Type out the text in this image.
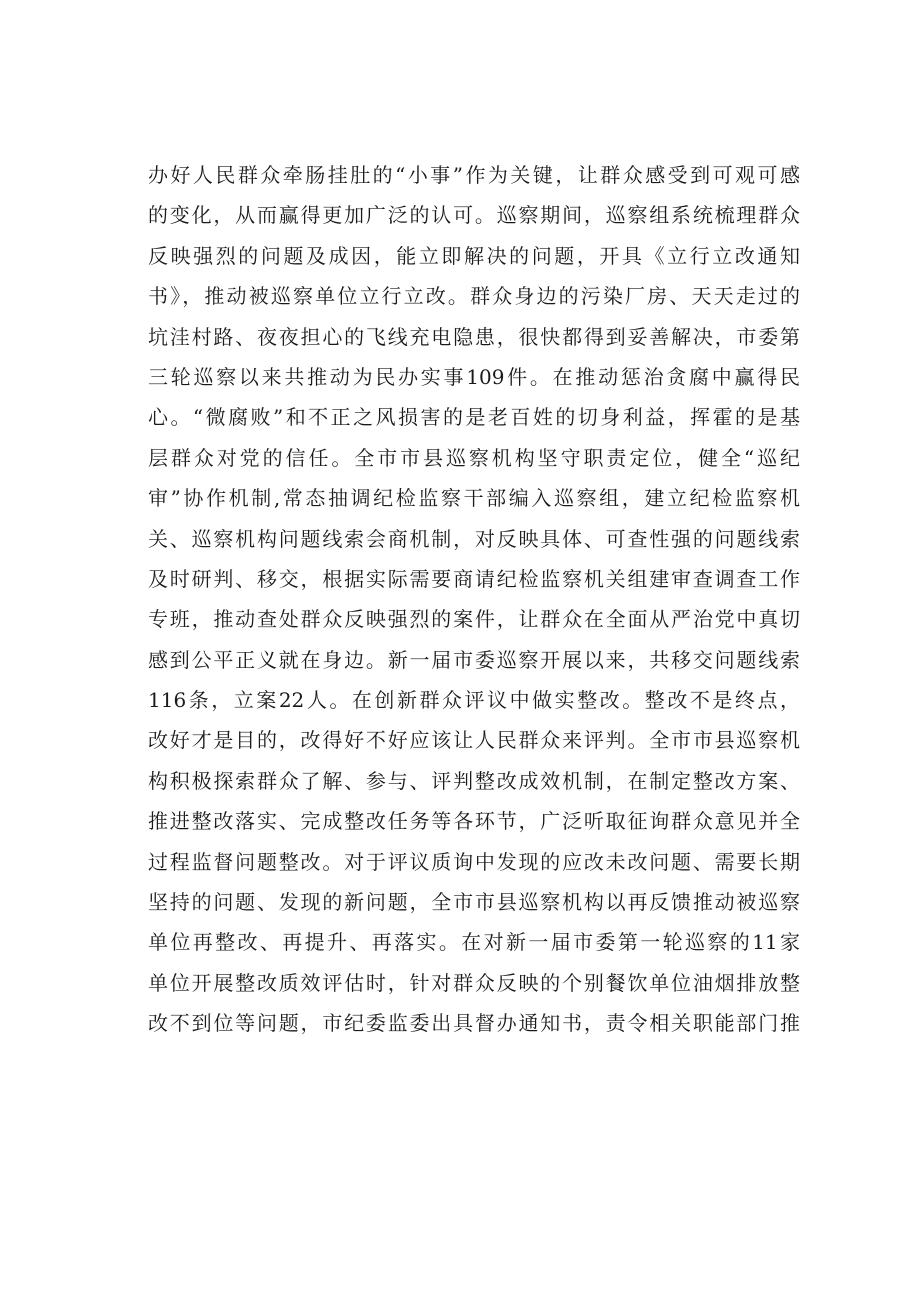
办好人民群众牵肠挂肚的“小事”作为关键，让群众感受到可观可感
的变化，从而赢得更加广泛的认可。巡察期间，巡察组系统梳理群众
反映强烈的问题及成因，能立即解决的问题，开具《立行立改通知
书》，推动被巡察单位立行立改。群众身边的污染厂房、天天走过的
坑洼村路、夜夜担心的飞线充电隐患，很快都得到妥善解决，市委第
三轮巡察以来共推动为民办实事109件。在推动惩治贪腐中赢得民
心。“微腐败”和不正之风损害的是老百姓的切身利益，挥霍的是基
层群众对党的信任。全市市县巡察机构坚守职责定位，健全“巡纪
审”协作机制,常态抽调纪检监察干部编入巡察组，建立纪检监察机
关、巡察机构问题线索会商机制，对反映具体、可查性强的问题线索
及时研判、移交，根据实际需要商请纪检监察机关组建审查调查工作
专班，推动查处群众反映强烈的案件，让群众在全面从严治党中真切
感到公平正义就在身边。新一届市委巡察开展以来，共移交问题线索
116条，立案22人。在创新群众评议中做实整改。整改不是终点，
改好才是目的，改得好不好应该让人民群众来评判。全市市县巡察机
构积极探索群众了解、参与、评判整改成效机制，在制定整改方案、
推进整改落实、完成整改任务等各环节，广泛听取征询群众意见并全
过程监督问题整改。对于评议质询中发现的应改未改问题、需要长期
坚持的问题、发现的新问题，全市市县巡察机构以再反馈推动被巡察
单位再整改、再提升、再落实。在对新一届市委第一轮巡察的11家
单位开展整改质效评估时，针对群众反映的个别餐饮单位油烟排放整
改不到位等问题，市纪委监委出具督办通知书，责令相关职能部门推
